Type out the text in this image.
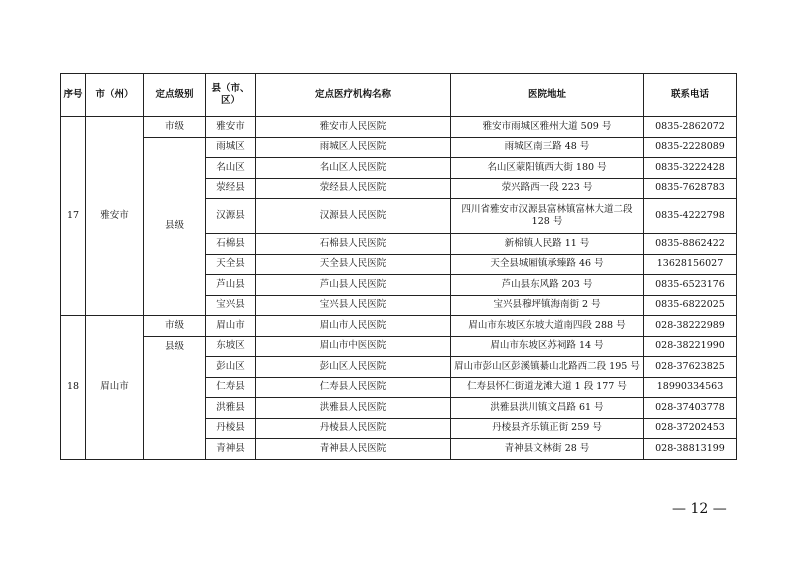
序号	市（州）	定点级别	县（市、区）	定点医疗机构名称	医院地址	联系电话
17	雅安市	市级	雅安市	雅安市人民医院	雅安市雨城区雅州大道 509 号	0835-2862072
		县级	雨城区	雨城区人民医院	雨城区南三路 48 号	0835-2228089
			名山区	名山区人民医院	名山区蒙阳镇西大街 180 号	0835-3222428
			荥经县	荥经县人民医院	荥兴路西一段 223 号	0835-7628783
			汉源县	汉源县人民医院	四川省雅安市汉源县富林镇富林大道二段 128 号	0835-4222798
			石棉县	石棉县人民医院	新棉镇人民路 11 号	0835-8862422
			天全县	天全县人民医院	天全县城厢镇承臻路 46 号	13628156027
			芦山县	芦山县人民医院	芦山县东风路 203 号	0835-6523176
			宝兴县	宝兴县人民医院	宝兴县穆坪镇海南街 2 号	0835-6822025
18	眉山市	市级	眉山市	眉山市人民医院	眉山市东坡区东坡大道南四段 288 号	028-38222989
		县级	东坡区	眉山市中医医院	眉山市东坡区苏祠路 14 号	028-38221990
			彭山区	彭山区人民医院	眉山市彭山区彭溪镇綦山北路西二段 195 号	028-37623825
			仁寿县	仁寿县人民医院	仁寿县怀仁街道龙滩大道 1 段 177 号	18990334563
			洪雅县	洪雅县人民医院	洪雅县洪川镇文昌路 61 号	028-37403778
			丹棱县	丹棱县人民医院	丹棱县齐乐镇正街 259 号	028-37202453
			青神县	青神县人民医院	青神县文林街 28 号	028-38813199
— 12 —
